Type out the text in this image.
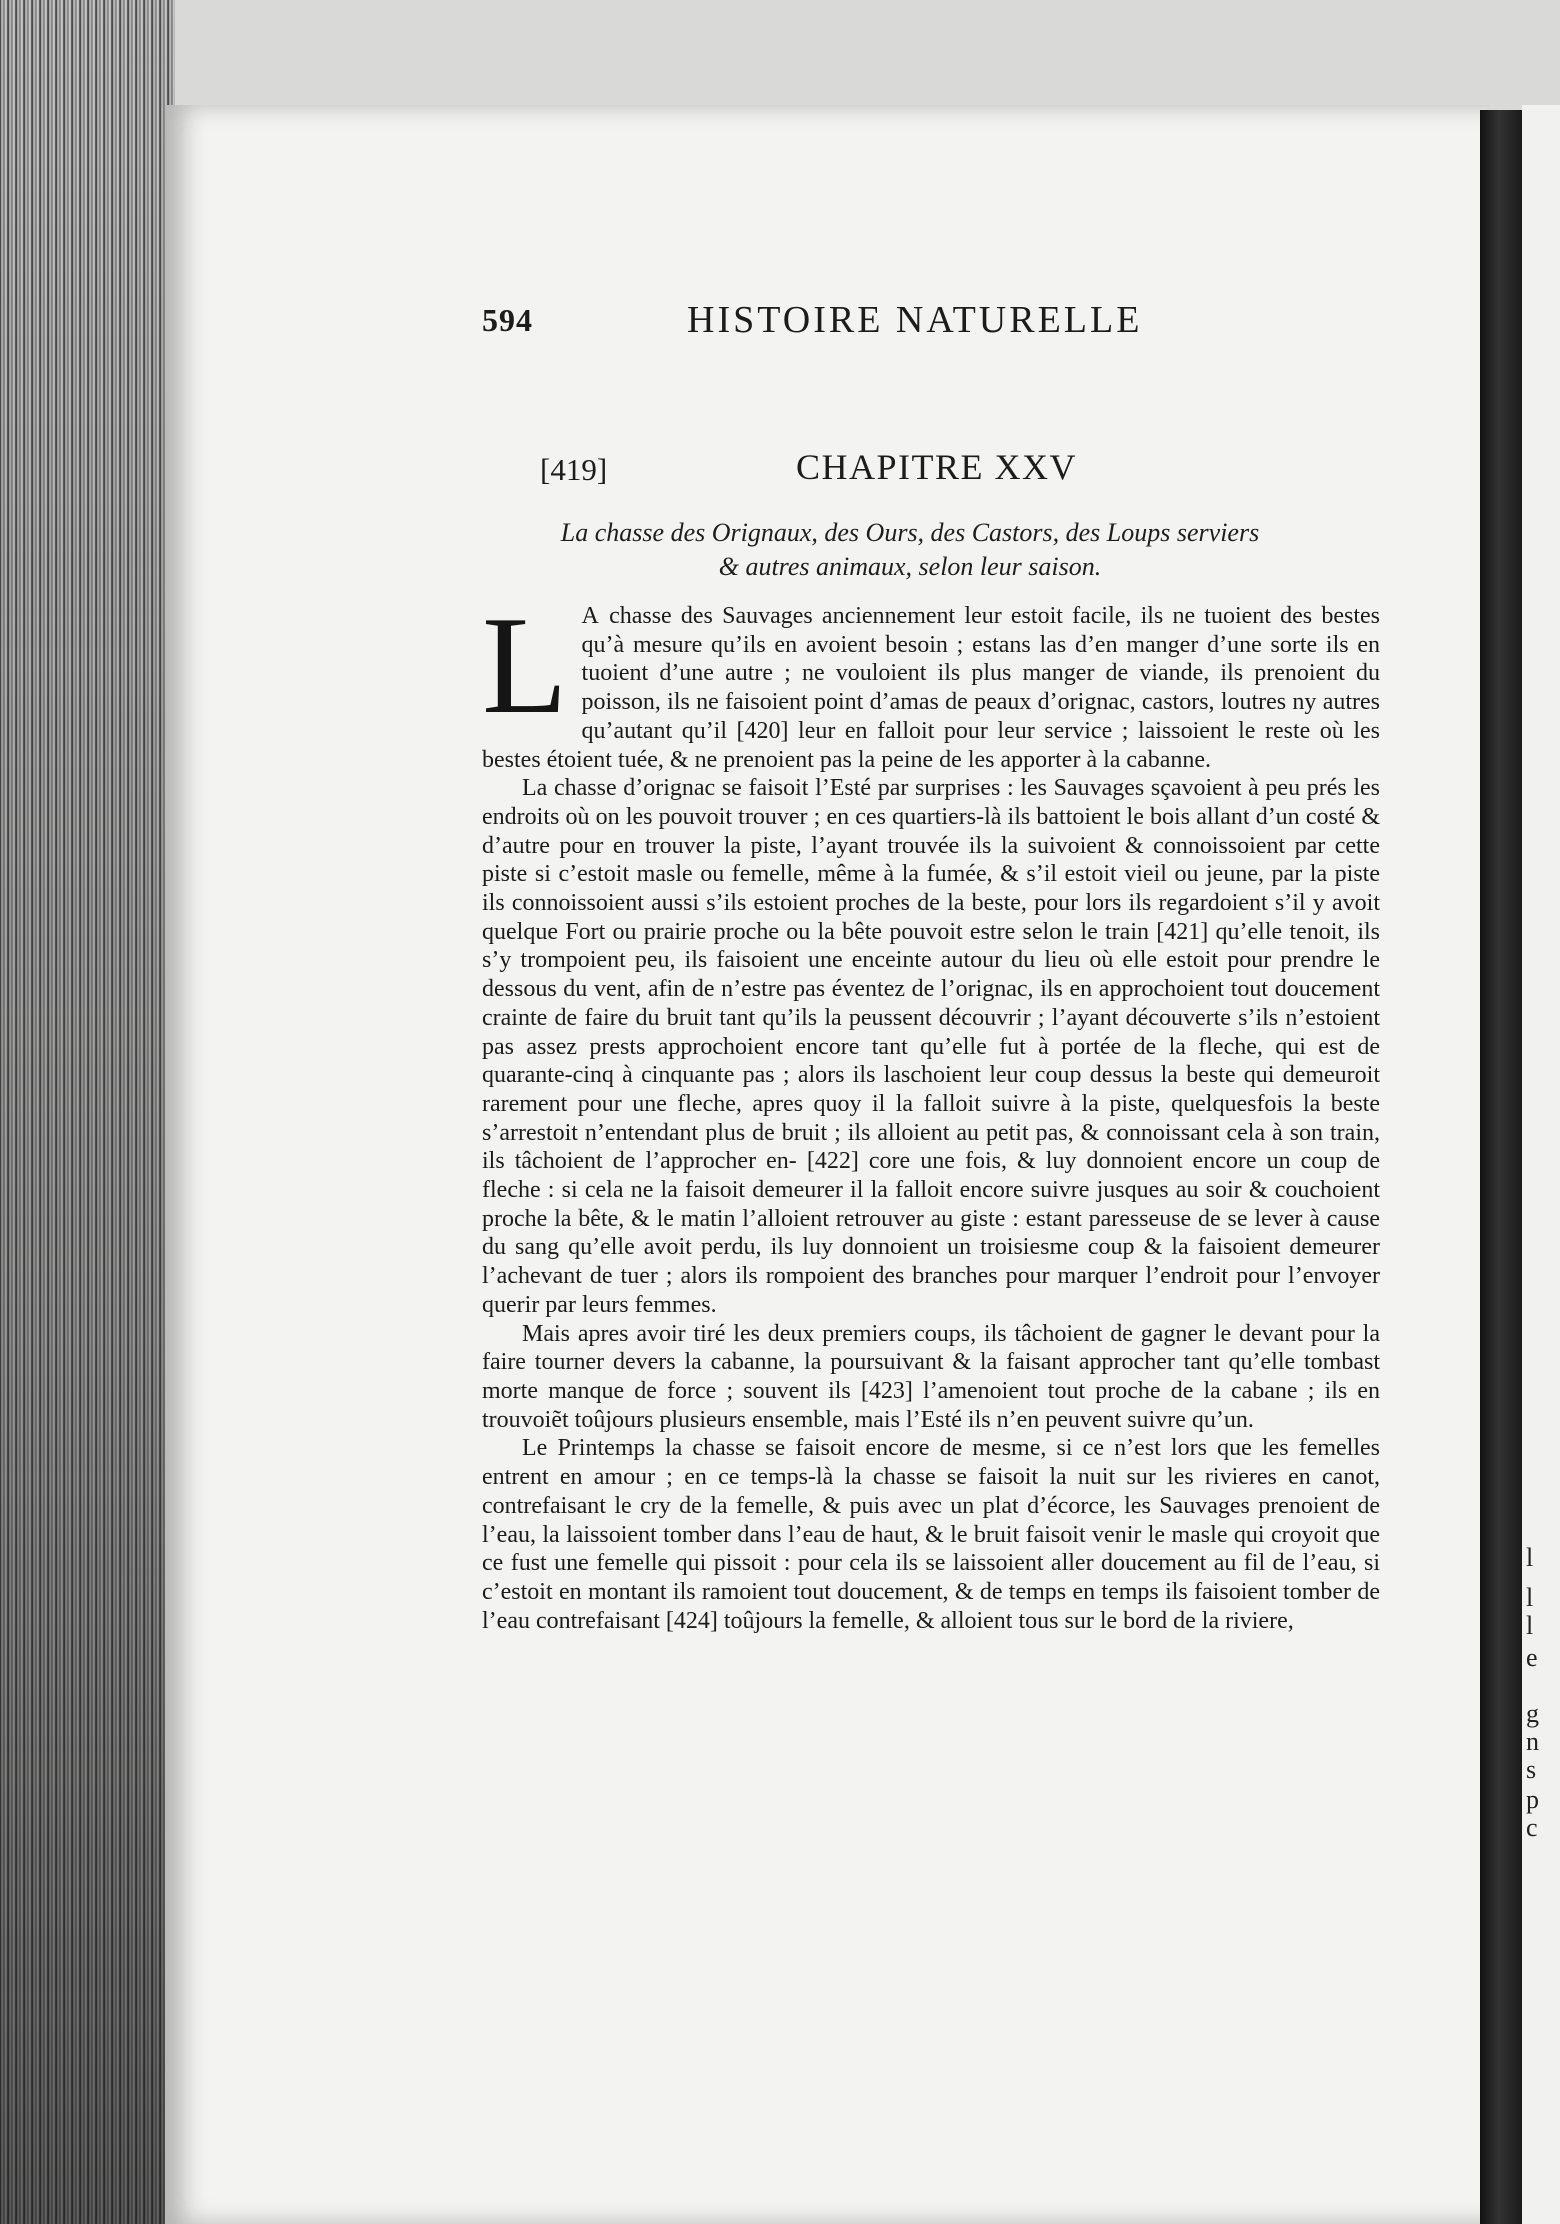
l
l
l
e
g
n
s
p
c
594	HISTOIRE NATURELLE
[419]	CHAPITRE XXV
La chasse des Orignaux, des Ours, des Castors, des Loups serviers
& autres animaux, selon leur saison.

L A chasse des Sauvages anciennement leur estoit facile, ils ne tuoient des bestes qu’à mesure qu’ils en avoient besoin ; estans las d’en manger d’une sorte ils en tuoient d’une autre ; ne vouloient ils plus manger de viande, ils prenoient du poisson, ils ne faisoient point d’amas de peaux d’orignac, castors, loutres ny autres qu’autant qu’il [420] leur en falloit pour leur service ; laissoient le reste où les bestes étoient tuée, & ne prenoient pas la peine de les apporter à la cabanne.

La chasse d’orignac se faisoit l’Esté par surprises : les Sauvages sçavoient à peu prés les endroits où on les pouvoit trouver ; en ces quartiers-là ils battoient le bois allant d’un costé & d’autre pour en trouver la piste, l’ayant trouvée ils la suivoient & connoissoient par cette piste si c’estoit masle ou femelle, même à la fumée, & s’il estoit vieil ou jeune, par la piste ils connoissoient aussi s’ils estoient proches de la beste, pour lors ils regardoient s’il y avoit quelque Fort ou prairie proche ou la bête pouvoit estre selon le train [421] qu’elle tenoit, ils s’y trompoient peu, ils faisoient une enceinte autour du lieu où elle estoit pour prendre le dessous du vent, afin de n’estre pas éventez de l’orignac, ils en approchoient tout doucement crainte de faire du bruit tant qu’ils la peussent découvrir ; l’ayant découverte s’ils n’estoient pas assez prests approchoient encore tant qu’elle fut à portée de la fleche, qui est de quarante-cinq à cinquante pas ; alors ils laschoient leur coup dessus la beste qui demeuroit rarement pour une fleche, apres quoy il la falloit suivre à la piste, quelquesfois la beste s’arrestoit n’entendant plus de bruit ; ils alloient au petit pas, & connoissant cela à son train, ils tâchoient de l’approcher en- [422] core une fois, & luy donnoient encore un coup de fleche : si cela ne la faisoit demeurer il la falloit encore suivre jusques au soir & couchoient proche la bête, & le matin l’alloient retrouver au giste : estant paresseuse de se lever à cause du sang qu’elle avoit perdu, ils luy donnoient un troisiesme coup & la faisoient demeurer l’achevant de tuer ; alors ils rompoient des branches pour marquer l’endroit pour l’envoyer querir par leurs femmes.

Mais apres avoir tiré les deux premiers coups, ils tâchoient de gagner le devant pour la faire tourner devers la cabanne, la poursuivant & la faisant approcher tant qu’elle tombast morte manque de force ; souvent ils [423] l’amenoient tout proche de la cabane ; ils en trouvoiẽt toûjours plusieurs ensemble, mais l’Esté ils n’en peuvent suivre qu’un.

Le Printemps la chasse se faisoit encore de mesme, si ce n’est lors que les femelles entrent en amour ; en ce temps-là la chasse se faisoit la nuit sur les rivieres en canot, contrefaisant le cry de la femelle, & puis avec un plat d’écorce, les Sauvages prenoient de l’eau, la laissoient tomber dans l’eau de haut, & le bruit faisoit venir le masle qui croyoit que ce fust une femelle qui pissoit : pour cela ils se laissoient aller doucement au fil de l’eau, si c’estoit en montant ils ramoient tout doucement, & de temps en temps ils faisoient tomber de l’eau contrefaisant [424] toûjours la femelle, & alloient tous sur le bord de la riviere,
